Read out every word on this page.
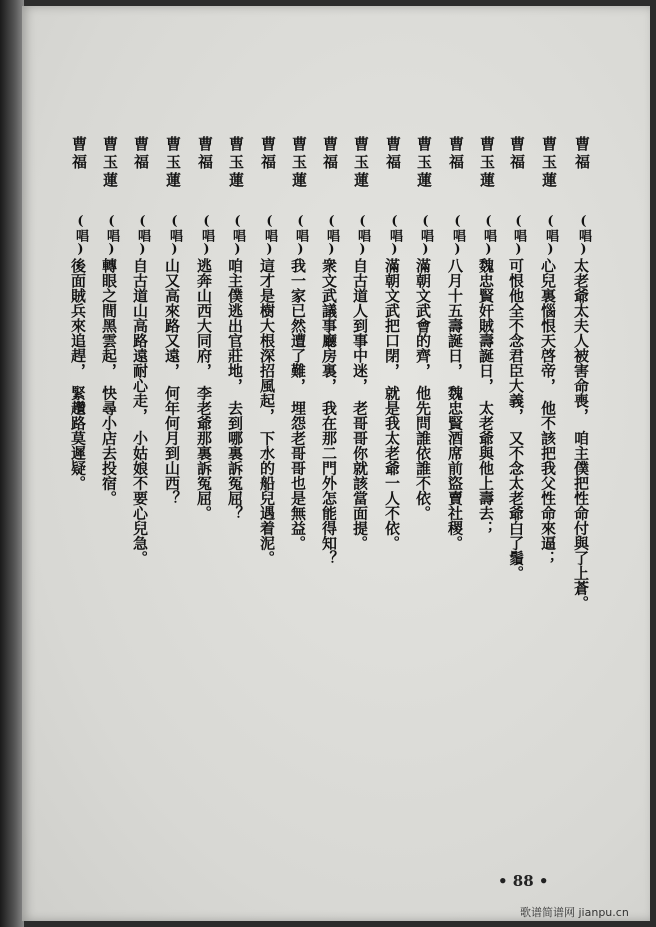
曹福
(唱)
太老爺太夫人被害命喪，　咱主僕把性命付與了上蒼。
曹玉蓮
(唱)
心兒裏惱恨天啓帝，　他不該把我父性命來逼；
曹福
(唱)
可恨他全不念君臣大義，　又不念太老爺白了鬚。
曹玉蓮
(唱)
魏忠賢奸賊壽誕日，　太老爺與他上壽去；
曹福
(唱)
八月十五壽誕日，　魏忠賢酒席前盜賣社稷。
曹玉蓮
(唱)
滿朝文武會的齊，　他先問誰依誰不依。
曹福
(唱)
滿朝文武把口閉，　就是我太老爺一人不依。
曹玉蓮
(唱)
自古道人到事中迷，　老哥哥你就該當面提。
曹福
(唱)
衆文武議事廳房裏，　我在那二門外怎能得知？
曹玉蓮
(唱)
我一家已然遭了難，　埋怨老哥哥也是無益。
曹福
(唱)
這才是樹大根深招風起，　下水的船兒遇着泥。
曹玉蓮
(唱)
咱主僕逃出官莊地，　去到哪裏訴冤屈？
曹福
(唱)
逃奔山西大同府，　李老爺那裏訴冤屈。
曹玉蓮
(唱)
山又高來路又遠，　何年何月到山西？
曹福
(唱)
自古道山高路遠耐心走，　小姑娘不要心兒急。
曹玉蓮
(唱)
轉眼之間黑雲起，　快尋小店去投宿。
曹福
(唱)
後面賊兵來追趕，　緊趲路莫遲疑。
• 88 •
歌谱简谱网 jianpu.cn
